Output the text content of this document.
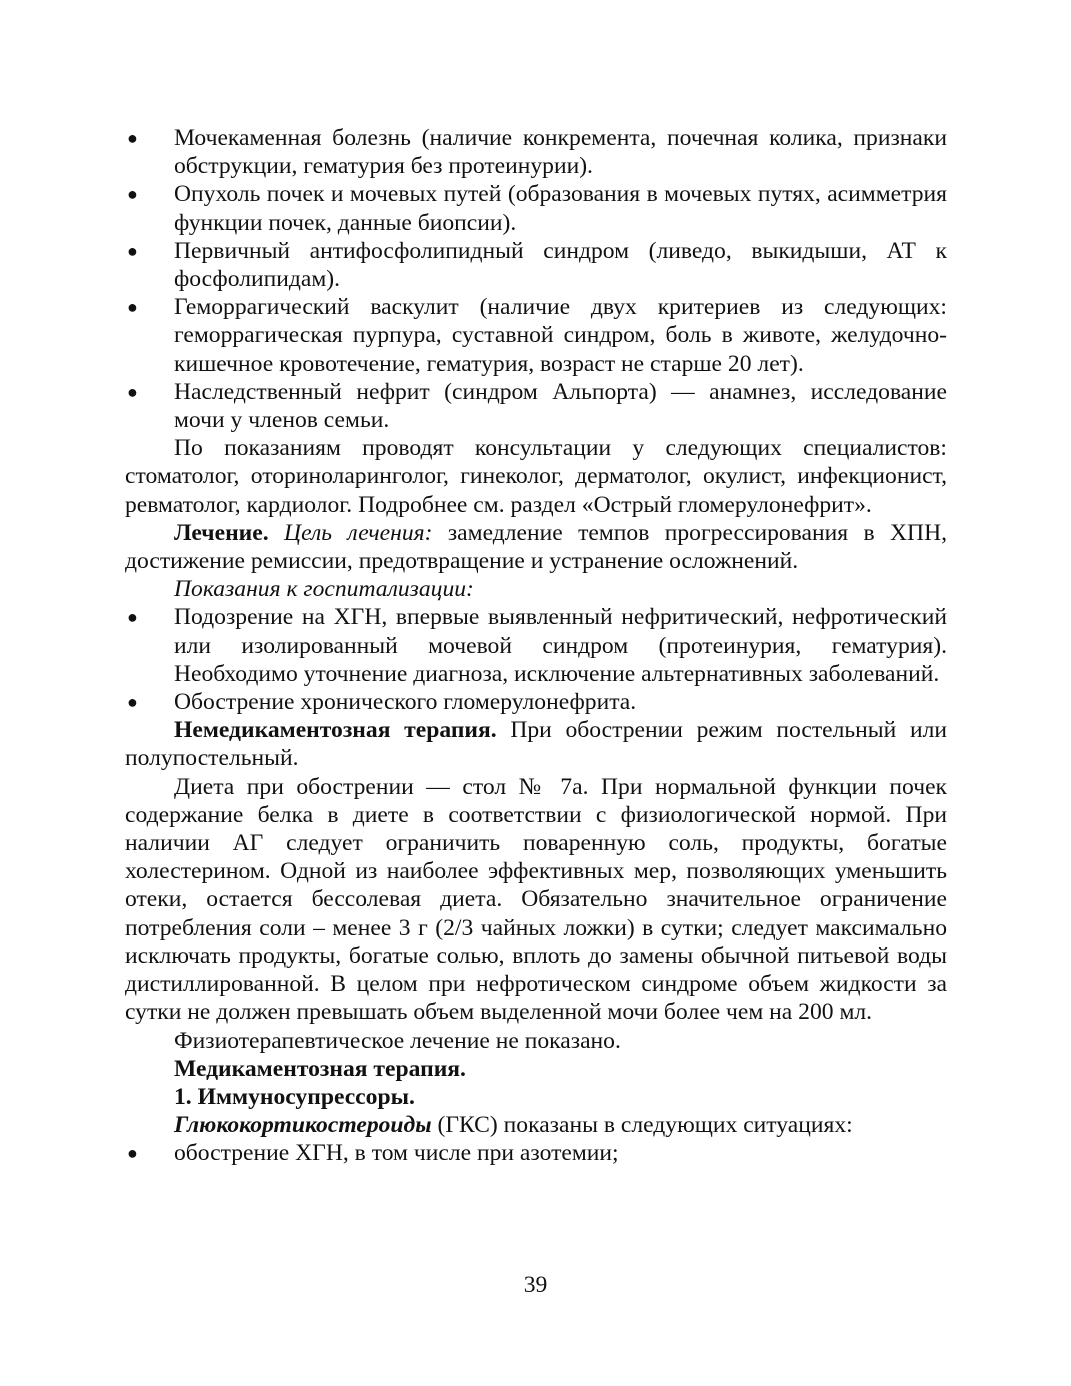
● Мочекаменная болезнь (наличие конкремента, почечная колика, признаки обструкции, гематурия без протеинурии).
● Опухоль почек и мочевых путей (образования в мочевых путях, асимметрия функции почек, данные биопсии).
● Первичный антифосфолипидный синдром (ливедо, выкидыши, АТ к фосфолипидам).
● Геморрагический васкулит (наличие двух критериев из следующих: геморрагическая пурпура, суставной синдром, боль в животе, желудочно-кишечное кровотечение, гематурия, возраст не старше 20 лет).
● Наследственный нефрит (синдром Альпорта) — анамнез, исследование мочи у членов семьи.
По показаниям проводят консультации у следующих специалистов: стоматолог, оториноларинголог, гинеколог, дерматолог, окулист, инфекционист, ревматолог, кардиолог. Подробнее см. раздел «Острый гломерулонефрит».
Лечение. Цель лечения: замедление темпов прогрессирования в ХПН, достижение ремиссии, предотвращение и устранение осложнений.
Показания к госпитализации:
● Подозрение на ХГН, впервые выявленный нефритический, нефротический или изолированный мочевой синдром (протеинурия, гематурия). Необходимо уточнение диагноза, исключение альтернативных заболеваний.
● Обострение хронического гломерулонефрита.
Немедикаментозная терапия. При обострении режим постельный или полупостельный.
Диета при обострении — стол № 7а. При нормальной функции почек содержание белка в диете в соответствии с физиологической нормой. При наличии АГ следует ограничить поваренную соль, продукты, богатые холестерином. Одной из наиболее эффективных мер, позволяющих уменьшить отеки, остается бессолевая диета. Обязательно значительное ограничение потребления соли – менее 3 г (2/3 чайных ложки) в сутки; следует максимально исключать продукты, богатые солью, вплоть до замены обычной питьевой воды дистиллированной. В целом при нефротическом синдроме объем жидкости за сутки не должен превышать объем выделенной мочи более чем на 200 мл.
Физиотерапевтическое лечение не показано.
Медикаментозная терапия.
1. Иммуносупрессоры.
Глюкокортикостероиды (ГКС) показаны в следующих ситуациях:
● обострение ХГН, в том числе при азотемии;
39
